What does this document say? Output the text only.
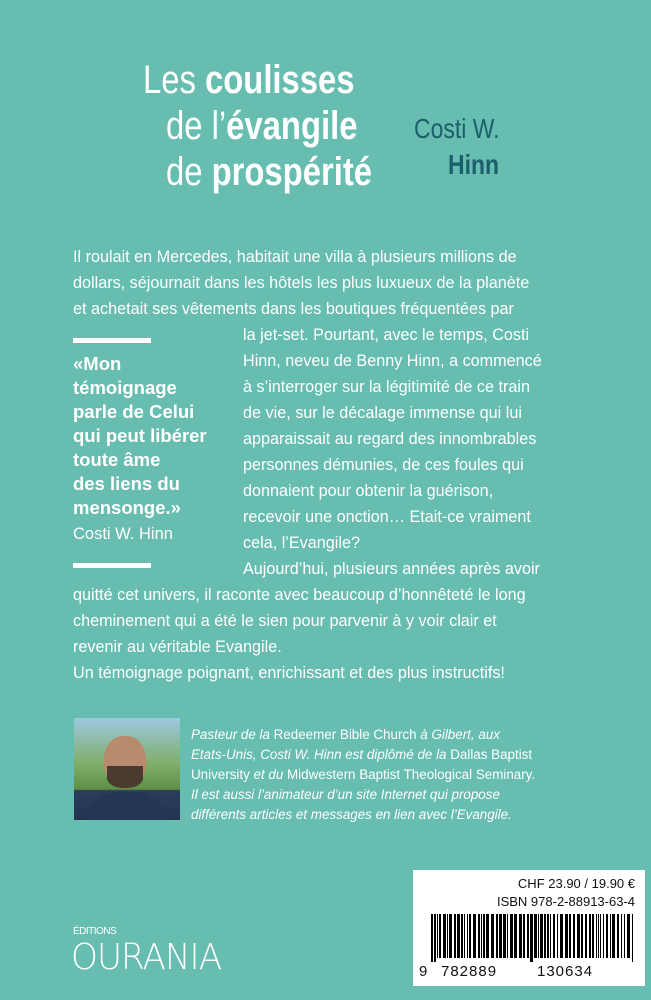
Les coulisses
de l’évangile
de prospérité
Costi W.
Hinn
Il roulait en Mercedes, habitait une villa à plusieurs millions de
dollars, séjournait dans les hôtels les plus luxueux de la planète
et achetait ses vêtements dans les boutiques fréquentées par
la jet-set. Pourtant, avec le temps, Costi
Hinn, neveu de Benny Hinn, a commencé
à s’interroger sur la légitimité de ce train
de vie, sur le décalage immense qui lui
apparaissait au regard des innombrables
personnes démunies, de ces foules qui
donnaient pour obtenir la guérison,
recevoir une onction… Etait-ce vraiment
cela, l’Evangile?
Aujourd’hui, plusieurs années après avoir
quitté cet univers, il raconte avec beaucoup d’honnêteté le long
cheminement qui a été le sien pour parvenir à y voir clair et
revenir au véritable Evangile.
Un témoignage poignant, enrichissant et des plus instructifs!
«Mon
témoignage
parle de Celui
qui peut libérer
toute âme
des liens du
mensonge.»
Costi W. Hinn
Pasteur de la Redeemer Bible Church à Gilbert, aux
Etats-Unis, Costi W. Hinn est diplômé de la Dallas Baptist
University et du Midwestern Baptist Theological Seminary.
Il est aussi l’animateur d’un site Internet qui propose
différents articles et messages en lien avec l’Evangile.
ÉDITIONS
OURANIA
CHF 23.90 / 19.90 €
ISBN 978-2-88913-63-4
9 782889	130634
